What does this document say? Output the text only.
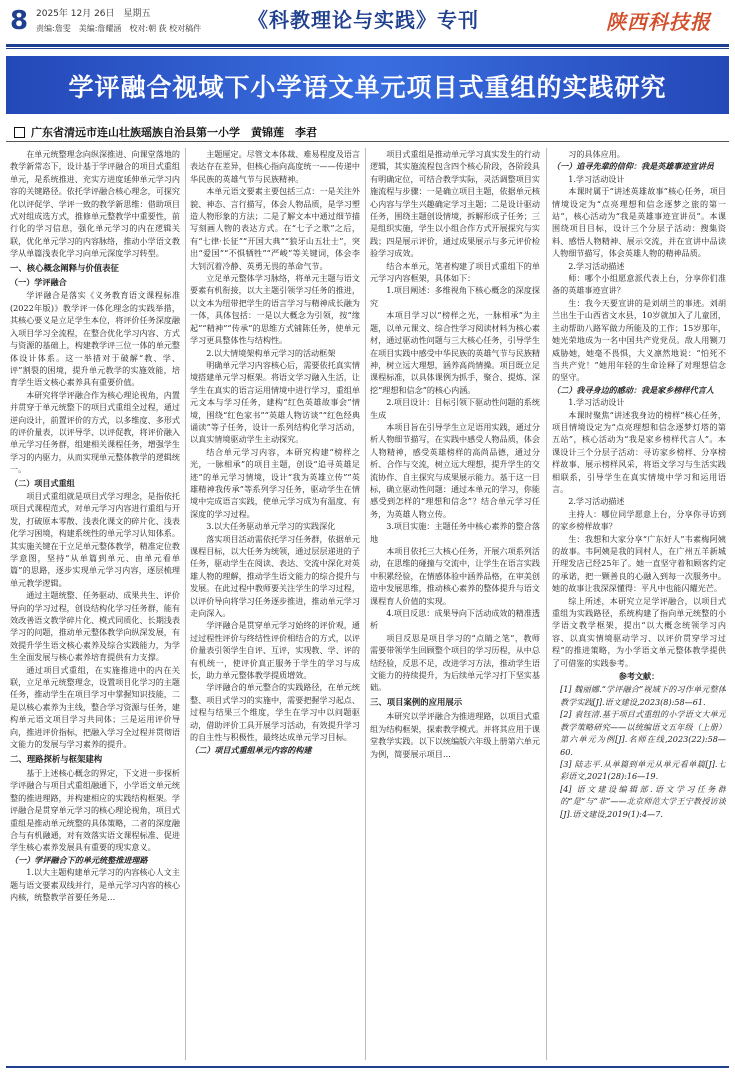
8 2025年 12月 26日　星期五
责编:詹雯　美编:詹耀涵　校对:朝 荻 校对稿件 《科教理论与实践》专刊	陕西科技报
学评融合视域下小学语文单元项目式重组的实践研究
广东省清远市连山壮族瑶族自治县第一小学　黄锦莲　李君

在单元统整理念向纵深推进、向课堂落地的教学新常态下，设计基于学评融合的项目式重组单元，是系统推进、充实方进度延伸单元学习内容的关键路径。依托学评融合核心理念，可探究化以评促学、学评一致的教学新思维：借助项目式对组成选方式，推修单元整教学中重要性，前行化的学习信息，强化单元学习的内在逻辑关联，优化单元学习的内容脉络，推动小学语文教学从单篇浅表化学习向单元深度学习转型。

一、核心概念阐释与价值表征

（一）学评融合

学评融合是落实《义务教育语文课程标准(2022年版)》教学评一体化理念的实践举措，其核心要义是立足学生本位，将评价任务深度融入项目学习全流程，在整合优化学习内容、方式与资源的基础上，构建教学评三位一体的单元整体设计体系。这一举措对于破解“教、学、评”割裂的困境，提升单元教学的实施效能，培育学生语文核心素养具有重要价值。

本研究将学评融合作为核心理论视角，内置并贯穿于单元统整下的项目式重组全过程，通过逆向设计，前置评价的方式，以多维度、多形式的评价量表，以评导学、以评促教，将评价融入单元学习任务群，组建相关课程任务，增强学生学习的内驱力，从而实现单元整体教学的逻辑统一。

（二）项目式重组

项目式重组就是项目式学习理念，是指依托项目式课程范式，对单元学习内容进行重组与开发，打破原本零散、浅表化课文的碎片化、浅表化学习困境，构建系统性的单元学习认知体系。其实施关键在于立足单元整体教学，精准定位教学意图，坚持“从单篇到单元、由单元看单篇”的思路，逐步实现单元学习内容，逐层梳理单元教学逻辑。

通过主题统整、任务驱动、成果共生、评价导向的学习过程，创设结构化学习任务群，能有效改善语文教学碎片化、模式同质化、长期浅表学习的问题，推动单元整体教学向纵深发展，有效提升学生语文核心素养及综合实践能力，为学生全面发展与核心素养培育提供有力支撑。

通过项目式重组，在实施推进中的内在关联，立足单元统整理念，设置项目化学习的主题任务，推动学生在项目学习中掌握知识技能，二是以核心素养为主线，整合学习资源与任务，建构单元语文项目学习共同体；三是运用评价导向，推进评价指标，把融入学习全过程并贯彻语文能力的发展与学习素养的提升。

二、理路探析与框架建构

基于上述核心概念的界定，下文进一步探析学评融合与项目式重组融通下，小学语文单元统整的推进理路，并构建相应的实践结构框架。学评融合是贯穿单元学习的核心理论视角，项目式重组是推动单元统整的具体策略，二者的深度融合与有机融通，对有效落实语文课程标准、促进学生核心素养发展具有重要的现实意义。

（一）学评融合下的单元统整推进理路

1.以大主题构建单元学习的内容核心人文主题与语文要素双线并行，是单元学习内容的核心内核，统整教学首要任务是…

主题厘定。尽管文本体裁、难易程度及语言表达存在差异，但核心指向高度统一——传递中华民族的英雄气节与民族精神。

本单元语文要素主要包括三点：一是关注外貌、神态、言行描写，体会人物品质，是学习塑造人物形象的方法；二是了解文本中通过细节描写刻画人物的表达方式。在“七子之歌”之后，有“七律·长征”“开国大典”“狼牙山五壮士”，突出“爱国”“不惧牺牲”“严峻”等关键词，体会李大钊沉着冷静、英勇无畏的革命气节。

立足单元整体学习脉络，将单元主题与语文要素有机衔接，以大主题引领学习任务的推进，以文本为纽带把学生的语言学习与精神成长融为一体，具体包括：一是以大概念为引领，按“缘起”“精神”“传承”的思维方式铺陈任务，使单元学习更具整体性与结构性。

2.以大情境架构单元学习的活动框架

明确单元学习内容核心后，需要依托真实情境搭建单元学习框架。将语文学习融入生活，让学生在真实的语言运用情境中进行学习，重组单元文本与学习任务，建构“红色英雄故事会”情境，围绕“红色家书”“英雄人物访谈”“红色经典诵读”等子任务，设计一系列结构化学习活动，以真实情境驱动学生主动探究。

结合单元学习内容，本研究构建“榜样之光，一脉相承”的项目主题，创设“追寻英雄足迹”的单元学习情境，设计“我为英雄立传”“英雄精神我传承”等系列学习任务，驱动学生在情境中完成语言实践，使单元学习成为有温度、有深度的学习过程。

3.以大任务驱动单元学习的实践深化

落实项目活动需依托学习任务群，依据单元课程目标，以大任务为统领，通过层层递进的子任务，驱动学生在阅读、表达、交流中深化对英雄人物的理解，推动学生语文能力的综合提升与发展。在此过程中教师要关注学生的学习过程，以评价导向将学习任务逐步推进，推动单元学习走向深入。

学评融合是贯穿单元学习始终的评价观，通过过程性评价与终结性评价相结合的方式，以评价量表引领学生自评、互评，实现教、学、评的有机统一，使评价真正服务于学生的学习与成长，助力单元整体教学提质增效。

学评融合的单元整合的实践路径，在单元统整、项目式学习的实施中，需要把握学习起点、过程与结果三个维度，学生在学习中以问题驱动，借助评价工具开展学习活动，有效提升学习的自主性与积极性，最终达成单元学习目标。

（二）项目式重组单元内容的构建

项目式重组是推动单元学习真实发生的行动逻辑，其实施流程包含四个核心阶段，各阶段具有明确定位，可结合教学实际，灵活调整项目实施流程与步骤：一是确立项目主题，依据单元核心内容与学生兴趣确定学习主题；二是设计驱动任务，围绕主题创设情境，拆解形成子任务；三是组织实施，学生以小组合作方式开展探究与实践；四是展示评价，通过成果展示与多元评价检验学习成效。

结合本单元，笔者构建了项目式重组下的单元学习内容框架，具体如下：

1.项目阐述：多维视角下核心概念的深度探究

本项目学习以“榜样之光，一脉相承”为主题，以单元课文、综合性学习阅读材料为核心素材，通过驱动性问题与三大核心任务，引导学生在项目实践中感受中华民族的英雄气节与民族精神，树立远大理想，涵养高尚情操。项目既立足课程标准，以具体课例为抓手，聚合、提炼、深挖“理想和信念”的核心内涵。

2.项目设计：目标引领下驱动性问题的系统生成

本项目旨在引导学生立足语用实践，通过分析人物细节描写，在实践中感受人物品质，体会人物精神，感受英雄榜样的高尚品德，通过分析、合作与交流，树立远大理想，提升学生的交流协作、自主探究与成果展示能力。基于这一目标，确立驱动性问题：通过本单元的学习，你能感受到怎样的“理想和信念”？结合单元学习任务，为英雄人物立传。

3.项目实施：主题任务中核心素养的整合落地

本项目依托三大核心任务，开展六项系列活动，在思维的碰撞与交流中，让学生在语言实践中积累经验，在情感体验中涵养品格，在审美创造中发展思维，推动核心素养的整体提升与语文课程育人价值的实现。

4.项目反思：成果导向下活动成效的精准透析

项目反思是项目学习的“点睛之笔”，教师需要带领学生回顾整个项目的学习历程，从中总结经验，反思不足，改进学习方法，推动学生语文能力的持续提升，为后续单元学习打下坚实基础。

三、项目案例的应用展示

本研究以学评融合为推进理路，以项目式重组为结构框架，探索教学模式。并将其应用于课堂教学实践。以下以统编版六年级上册第六单元为例，简要展示项目…

习的具体应用。

（一）追寻先辈的信仰：我是英雄事迹宣讲员

1.学习活动设计

本课时属于“讲述英雄故事”核心任务，项目情境设定为“点亮理想和信念逐梦之旅的第一站”，核心活动为“我是英雄事迹宣讲员”。本课围绕项目目标，设计三个分层子活动：搜集资料、感悟人物精神、展示交流，并在宣讲中品读人物细节描写，体会英雄人物的精神品质。

2.学习活动描述

师：哪个小组愿意派代表上台，分享你们准备的英雄事迹宣讲？

生：我今天要宣讲的是刘胡兰的事迹。刘胡兰出生于山西省文水县，10岁就加入了儿童团，主动帮助八路军做力所能及的工作；15岁那年，她光荣地成为一名中国共产党党员。敌人用铡刀威胁她，她毫不畏惧，大义凛然地说：“怕死不当共产党！”她用年轻的生命诠释了对理想信念的坚守。

（二）我寻身边的感动：我是家乡榜样代言人

1.学习活动设计

本课时聚焦“讲述我身边的榜样”核心任务，项目情境设定为“点亮理想和信念逐梦灯塔的第五站”，核心活动为“我是家乡榜样代言人”。本课设计三个分层子活动：寻访家乡榜样、分享榜样故事、展示榜样风采，将语文学习与生活实践相联系，引导学生在真实情境中学习和运用语言。

2.学习活动描述

主持人：哪位同学愿意上台，分享你寻访到的家乡榜样故事？

生：我想和大家分享“广东好人”韦素梅阿姨的故事。韦阿姨是我的同村人，在广州五羊新城开理发店已经25年了。她一直坚守着和顾客约定的承诺，把一颗善良的心融入到每一次服务中。她的故事让我深深懂得：平凡中也能闪耀光芒。

综上所述，本研究立足学评融合，以项目式重组为实践路径，系统构建了指向单元统整的小学语文教学框架，提出“以大概念统领学习内容、以真实情境驱动学习、以评价贯穿学习过程”的推进策略，为小学语文单元整体教学提供了可借鉴的实践参考。

参考文献：

[1] 魏丽娜.“学评融合”视域下的习作单元整体教学实践[J].语文建设,2023(8):58—61.

[2] 袁钰清.基于项目式重组的小学语文大单元教学策略研究——以统编语文五年级（上册）第六单元为例[J].名师在线,2023(22):58—60.

[3] 陆志平.从单篇到单元从单元看单篇[J].七彩语文,2021(28):16—19.

[4] 语文建设编辑部.语文学习任务群的“是”与“非”——北京师范大学王宁教授访谈[J].语文建设,2019(1):4—7.
